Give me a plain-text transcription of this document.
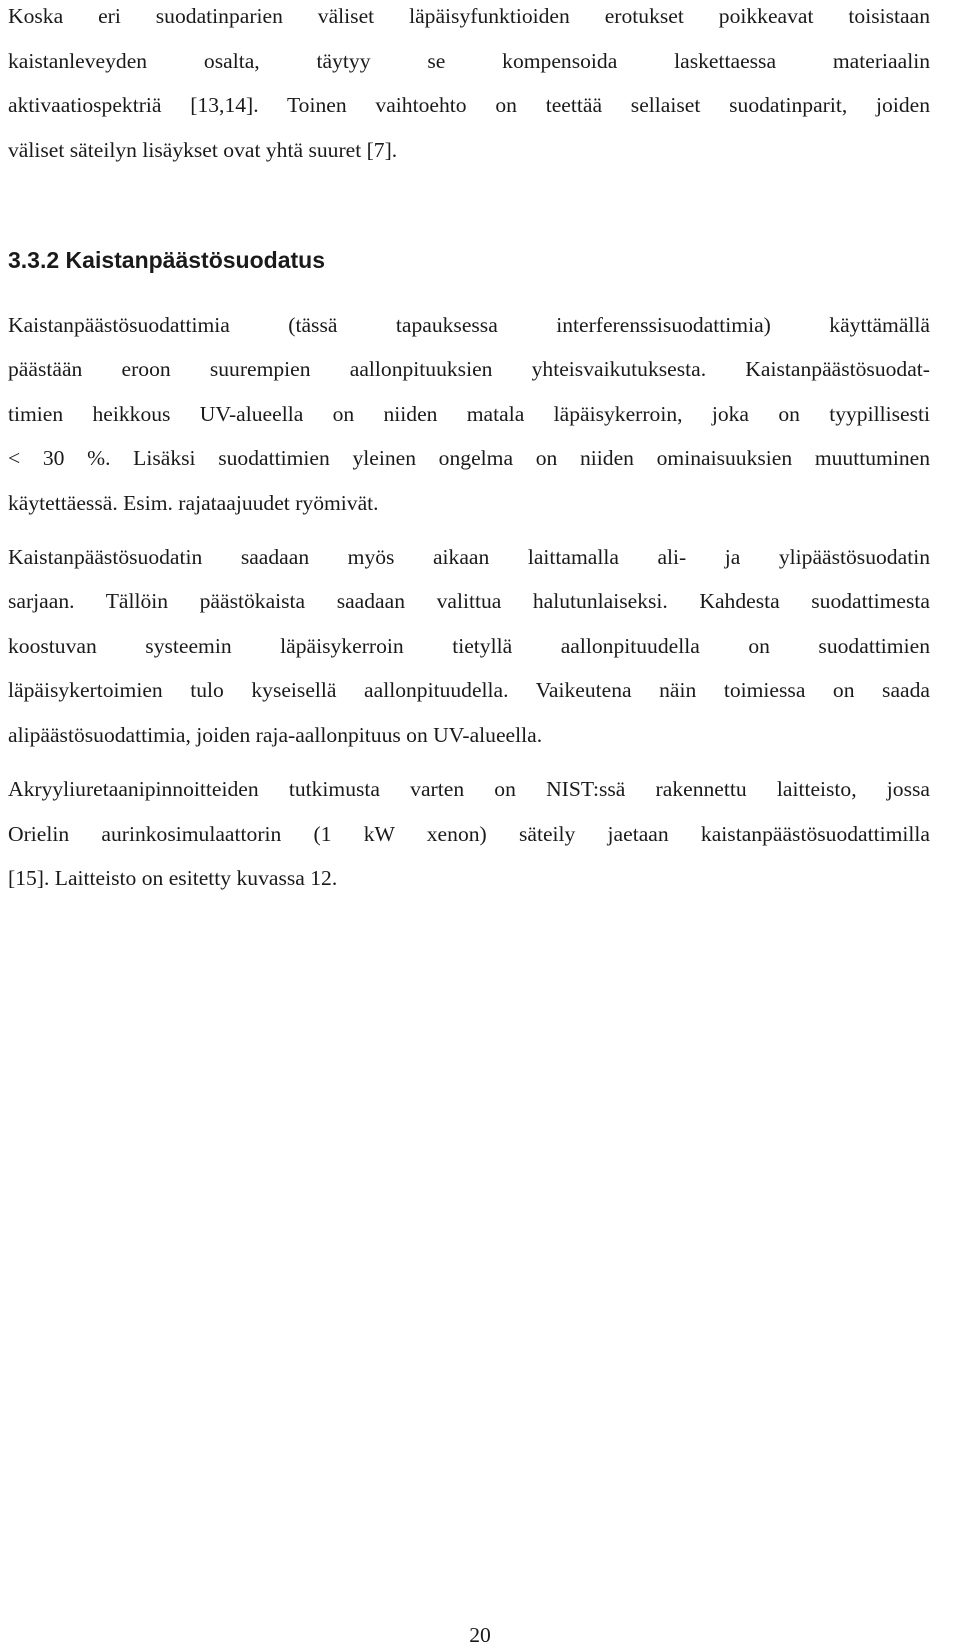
Koska eri suodatinparien väliset läpäisyfunktioiden erotukset poikkeavat toisistaan
kaistanleveyden osalta, täytyy se kompensoida laskettaessa materiaalin
aktivaatiospektriä [13,14]. Toinen vaihtoehto on teettää sellaiset suodatinparit, joiden
väliset säteilyn lisäykset ovat yhtä suuret [7].
3.3.2 Kaistanpäästösuodatus
Kaistanpäästösuodattimia (tässä tapauksessa interferenssisuodattimia) käyttämällä
päästään eroon suurempien aallonpituuksien yhteisvaikutuksesta. Kaistanpäästösuodat-
timien heikkous UV-alueella on niiden matala läpäisykerroin, joka on tyypillisesti
< 30 %. Lisäksi suodattimien yleinen ongelma on niiden ominaisuuksien muuttuminen
käytettäessä. Esim. rajataajuudet ryömivät.
Kaistanpäästösuodatin saadaan myös aikaan laittamalla ali- ja ylipäästösuodatin
sarjaan. Tällöin päästökaista saadaan valittua halutunlaiseksi. Kahdesta suodattimesta
koostuvan systeemin läpäisykerroin tietyllä aallonpituudella on suodattimien
läpäisykertoimien tulo kyseisellä aallonpituudella. Vaikeutena näin toimiessa on saada
alipäästösuodattimia, joiden raja-aallonpituus on UV-alueella.
Akryyliuretaanipinnoitteiden tutkimusta varten on NIST:ssä rakennettu laitteisto, jossa
Orielin aurinkosimulaattorin (1 kW xenon) säteily jaetaan kaistanpäästösuodattimilla
[15]. Laitteisto on esitetty kuvassa 12.
20
